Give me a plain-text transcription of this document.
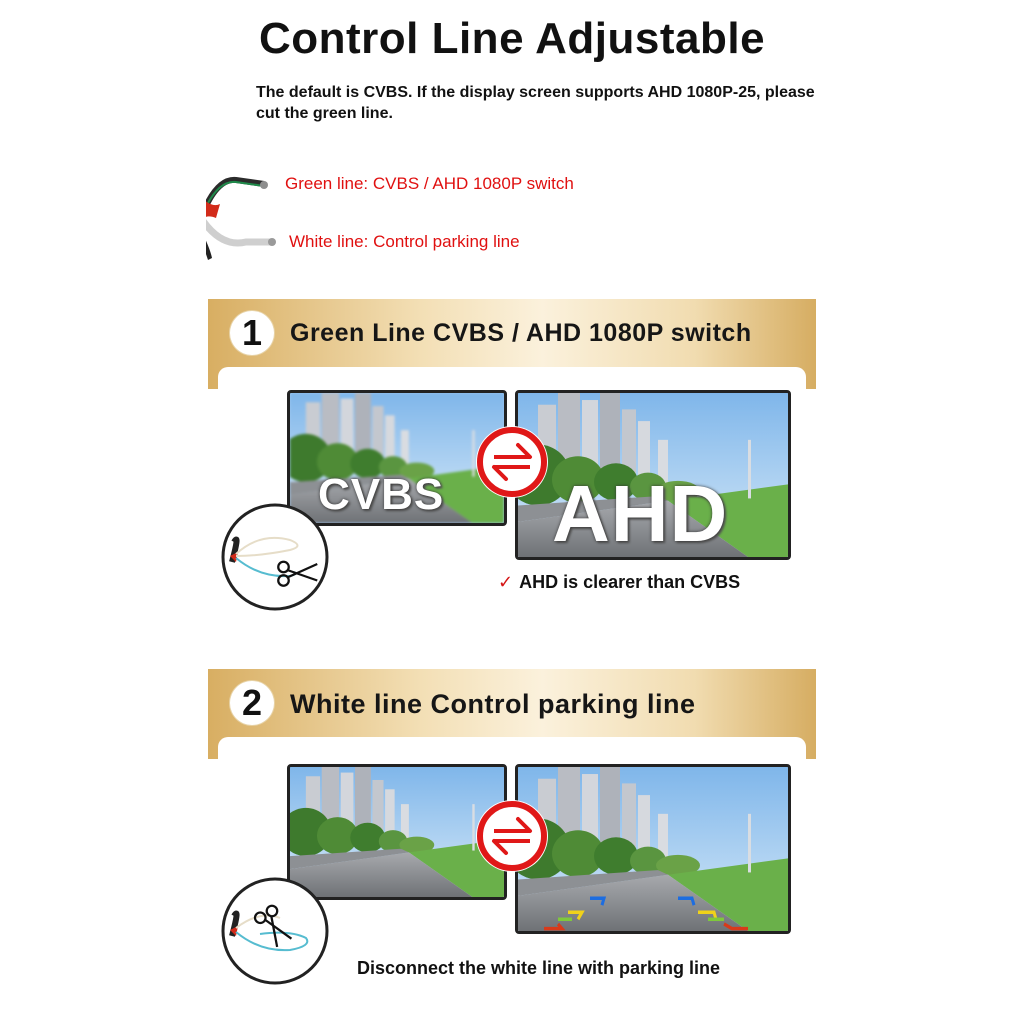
Control Line Adjustable
The default is CVBS. If the display screen supports AHD 1080P-25, please cut the green line.
Green line: CVBS / AHD 1080P switch
White line: Control parking line
1	Green Line CVBS / AHD 1080P switch
CVBS AHD
✓ AHD is clearer than CVBS
2	White line Control parking line
Disconnect the white line with parking line
